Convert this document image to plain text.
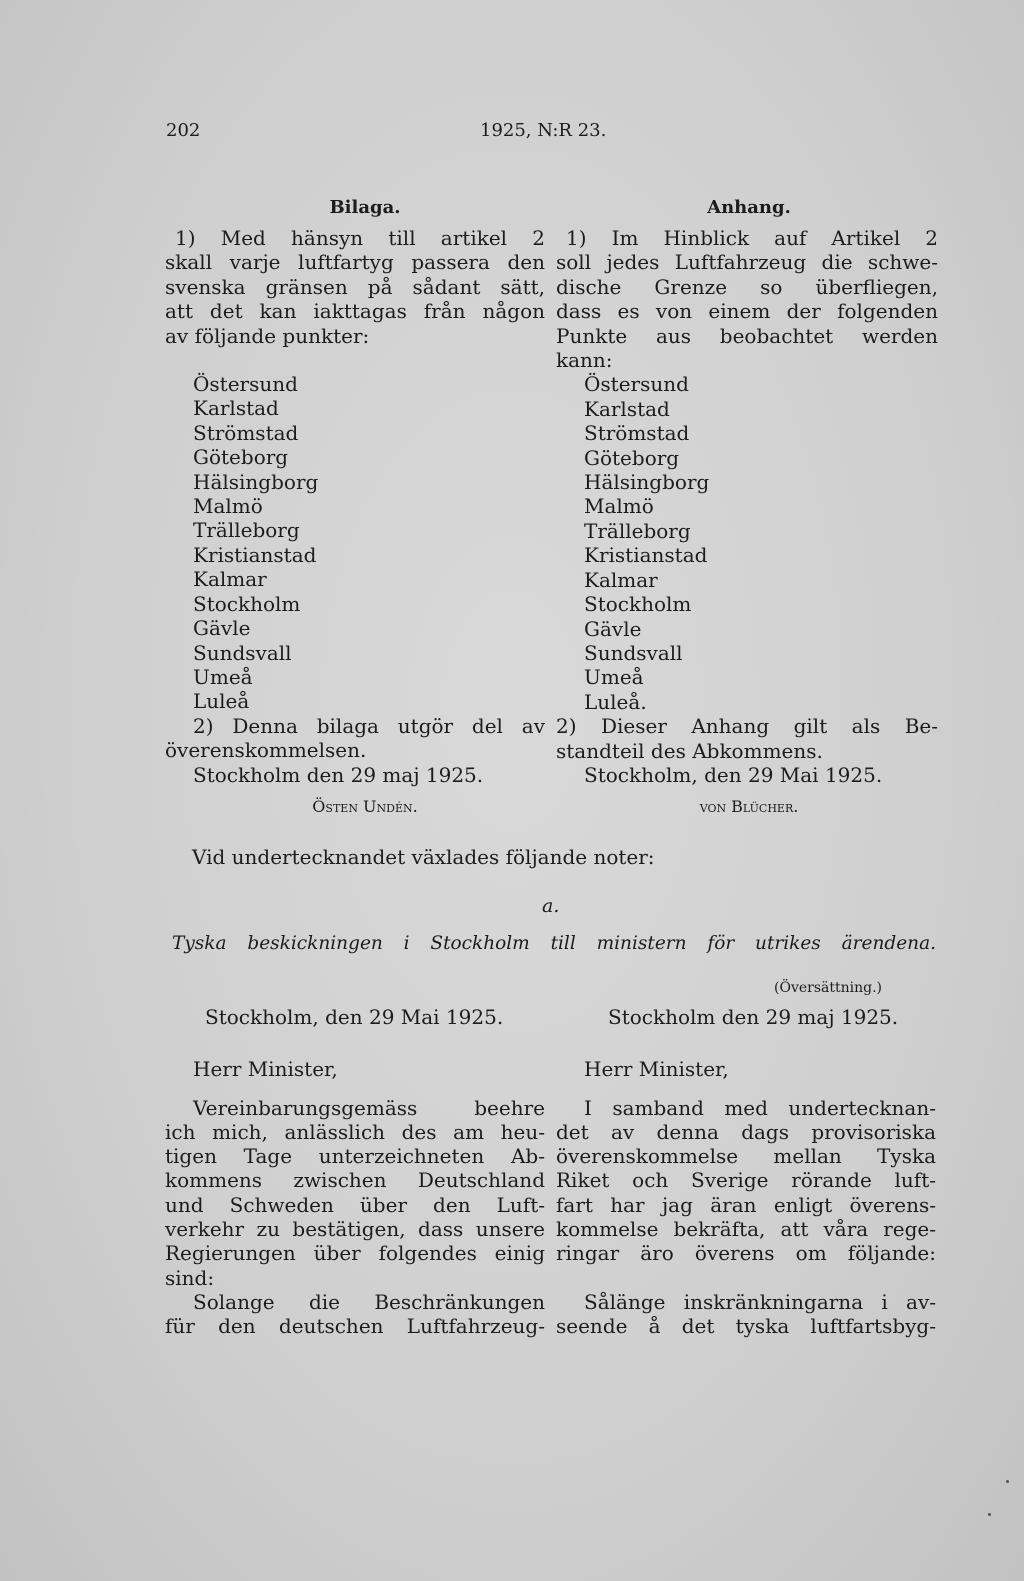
202	1925, N:R 23.
Bilaga.
1) Med hänsyn till artikel 2
skall varje luftfartyg passera den
svenska gränsen på sådant sätt,
att det kan iakttagas från någon
av följande punkter:
Östersund
Karlstad
Strömstad
Göteborg
Hälsingborg
Malmö
Trälleborg
Kristianstad
Kalmar
Stockholm
Gävle
Sundsvall
Umeå
Luleå
2) Denna bilaga utgör del av
överenskommelsen.
Stockholm den 29 maj 1925.
Östen Undén.
Anhang.
1) Im Hinblick auf Artikel 2
soll jedes Luftfahrzeug die schwe-
dische Grenze so überfliegen,
dass es von einem der folgenden
Punkte aus beobachtet werden
kann:
Östersund
Karlstad
Strömstad
Göteborg
Hälsingborg
Malmö
Trälleborg
Kristianstad
Kalmar
Stockholm
Gävle
Sundsvall
Umeå
Luleå.
2) Dieser Anhang gilt als Be-
standteil des Abkommens.
Stockholm, den 29 Mai 1925.
von Blücher.
Vid undertecknandet växlades följande noter:
a.
Tyska beskickningen i Stockholm till ministern för utrikes ärendena.
(Översättning.)
Stockholm, den 29 Mai 1925.
Herr Minister,
Vereinbarungsgemäss beehre
ich mich, anlässlich des am heu-
tigen Tage unterzeichneten Ab-
kommens zwischen Deutschland
und Schweden über den Luft-
verkehr zu bestätigen, dass unsere
Regierungen über folgendes einig
sind:
Solange die Beschränkungen
für den deutschen Luftfahrzeug-
Stockholm den 29 maj 1925.
Herr Minister,
I samband med undertecknan-
det av denna dags provisoriska
överenskommelse mellan Tyska
Riket och Sverige rörande luft-
fart har jag äran enligt överens-
kommelse bekräfta, att våra rege-
ringar äro överens om följande:
Sålänge inskränkningarna i av-
seende å det tyska luftfartsbyg-
